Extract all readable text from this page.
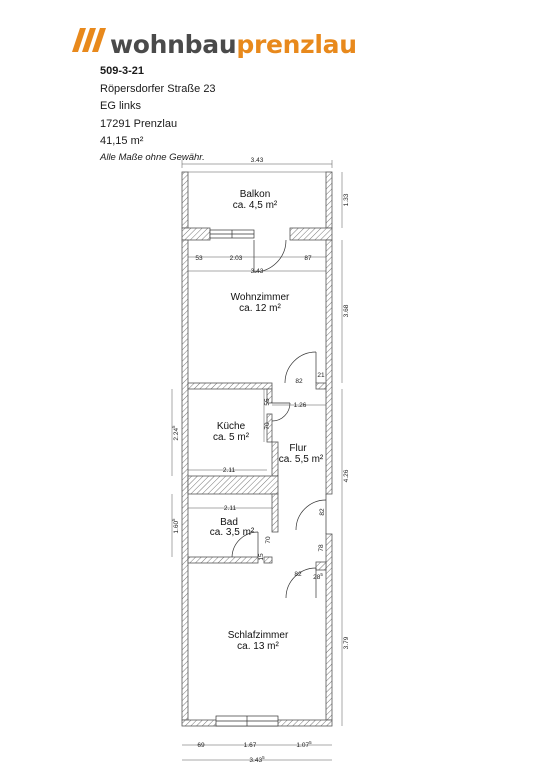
wohnbauprenzlau
509-3-21
Röpersdorfer Straße 23
EG links
17291 Prenzlau
41,15 m²
Alle Maße ohne Gewähr.	3.43
1.33
53	2.03	87
3.43
3.68
82
21
1.26
55
70
2.24$^5$
2.11	4.26
2.11	82
1.60$^5$
70
15
78
82 $28^5$
3.79
69	1.67	1.07$^5$
3.43$^5$
Balkon
ca. 4,5 m²
Wohnzimmer
ca. 12 m²
Küche
ca. 5 m²
Flur
ca. 5,5 m²
Bad
ca. 3,5 m²
Schlafzimmer
ca. 13 m²
